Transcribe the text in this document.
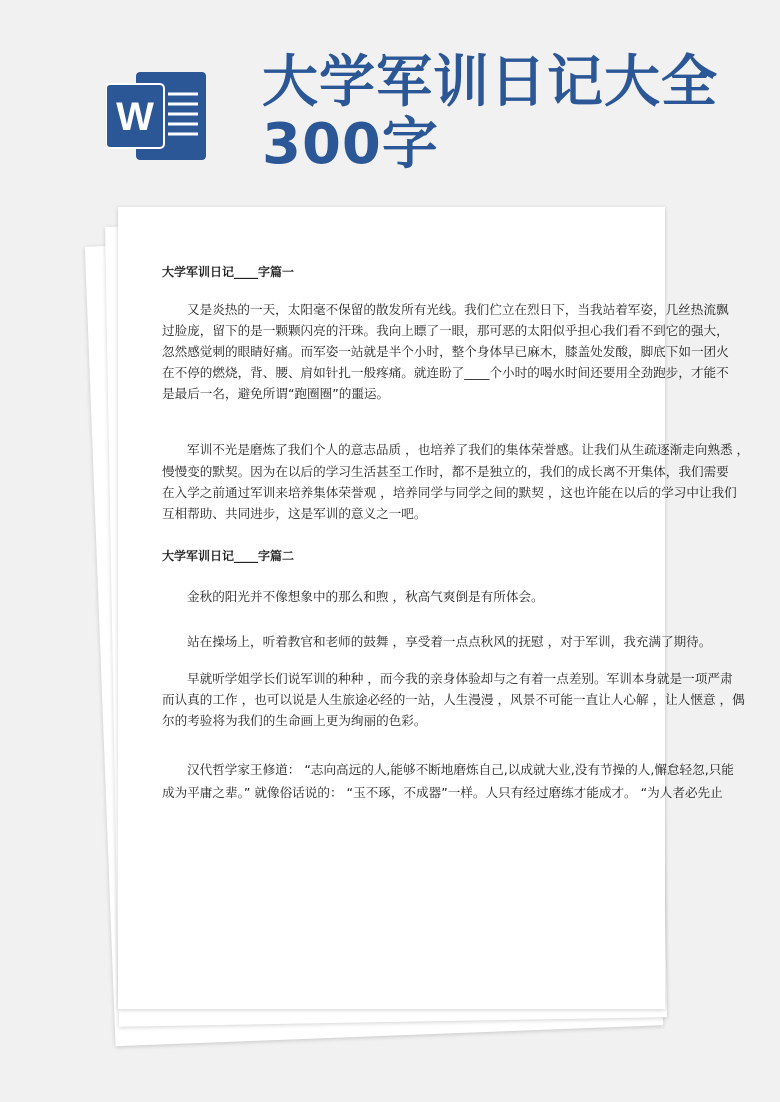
W
大学军训日记大全
300字
大学军训日记____字篇一
又是炎热的一天，太阳毫不保留的散发所有光线。我们伫立在烈日下，当我站着军姿，几丝热流飘
过脸庞，留下的是一颗颗闪亮的汗珠。我向上瞟了一眼，那可恶的太阳似乎担心我们看不到它的强大，
忽然感觉刺的眼睛好痛。而军姿一站就是半个小时，整个身体早已麻木，膝盖处发酸，脚底下如一团火
在不停的燃烧，背、腰、肩如针扎一般疼痛。就连盼了____个小时的喝水时间还要用全劲跑步，才能不
是最后一名，避免所谓“跑圈圈”的噩运。
军训不光是磨炼了我们个人的意志品质 ，也培养了我们的集体荣誉感。让我们从生疏逐渐走向熟悉 ，
慢慢变的默契。因为在以后的学习生活甚至工作时，都不是独立的，我们的成长离不开集体，我们需要
在入学之前通过军训来培养集体荣誉观 ，培养同学与同学之间的默契 ，这也许能在以后的学习中让我们
互相帮助、共同进步，这是军训的意义之一吧。
大学军训日记____字篇二
金秋的阳光并不像想象中的那么和煦 ，秋高气爽倒是有所体会。
站在操场上，听着教官和老师的鼓舞 ，享受着一点点秋风的抚慰 ，对于军训，我充满了期待。
早就听学姐学长们说军训的种种 ，而今我的亲身体验却与之有着一点差别。军训本身就是一项严肃
而认真的工作 ，也可以说是人生旅途必经的一站，人生漫漫 ，风景不可能一直让人心解 ，让人惬意 ，偶
尔的考验将为我们的生命画上更为绚丽的色彩。
汉代哲学家王修道： “志向高远的人,能够不断地磨炼自己,以成就大业,没有节操的人,懈怠轻忽,只能
成为平庸之辈。” 就像俗话说的： “玉不琢，不成器”一样。人只有经过磨练才能成才。 “为人者必先止
